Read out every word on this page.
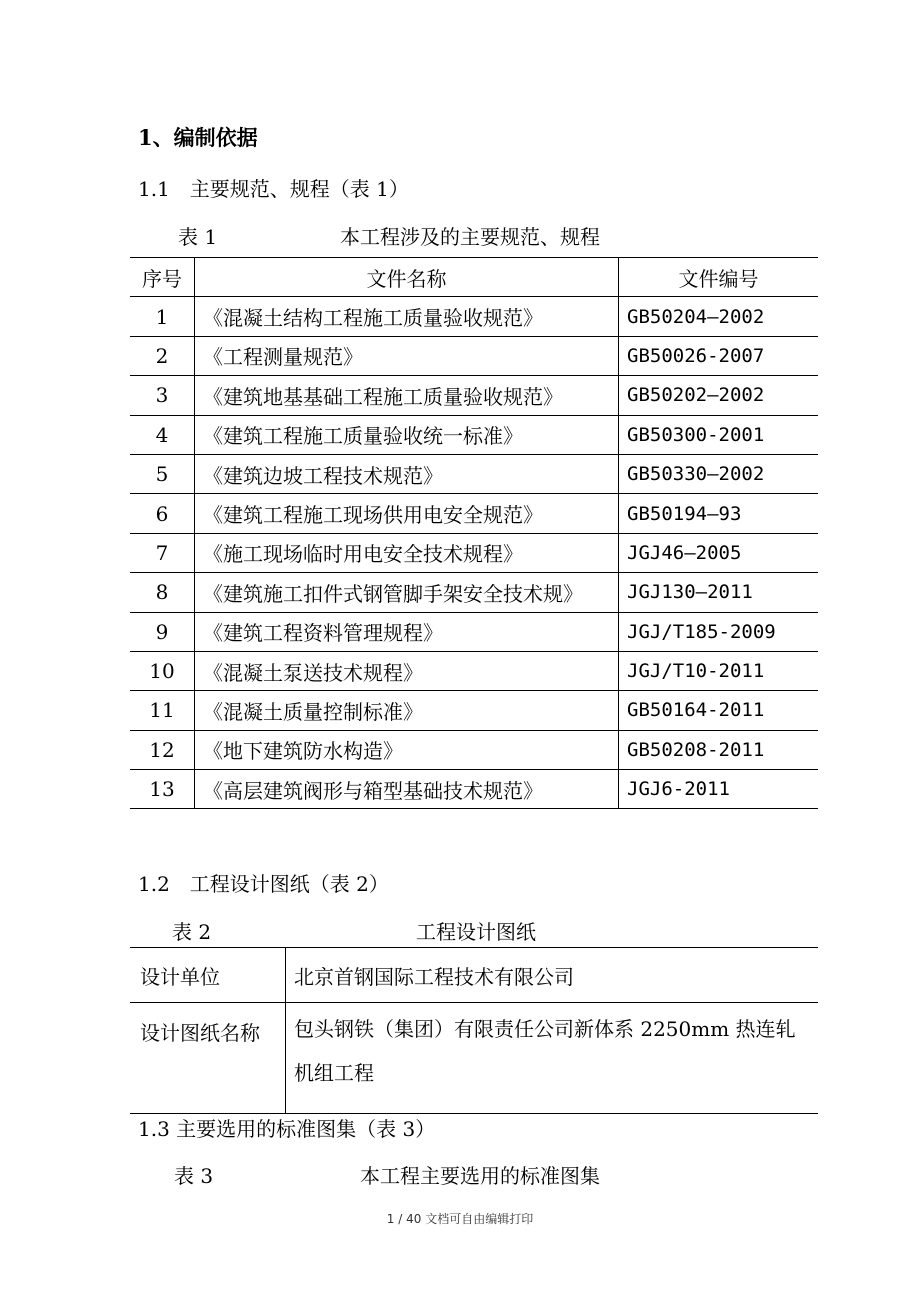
1、编制依据
1.1　主要规范、规程（表 1）
表 1	本工程涉及的主要规范、规程
序号	文件名称	文件编号
1	《混凝土结构工程施工质量验收规范》	GB50204—2002
2	《工程测量规范》	GB50026-2007
3	《建筑地基基础工程施工质量验收规范》	GB50202—2002
4	《建筑工程施工质量验收统一标准》	GB50300-2001
5	《建筑边坡工程技术规范》	GB50330—2002
6	《建筑工程施工现场供用电安全规范》	GB50194—93
7	《施工现场临时用电安全技术规程》	JGJ46—2005
8	《建筑施工扣件式钢管脚手架安全技术规》	JGJ130—2011
9	《建筑工程资料管理规程》	JGJ/T185-2009
10	《混凝土泵送技术规程》	JGJ/T10-2011
11	《混凝土质量控制标准》	GB50164-2011
12	《地下建筑防水构造》	GB50208-2011
13	《高层建筑阀形与箱型基础技术规范》	JGJ6-2011
1.2　工程设计图纸（表 2）
表 2	工程设计图纸
设计单位	北京首钢国际工程技术有限公司
设计图纸名称	包头钢铁（集团）有限责任公司新体系 2250mm 热连轧
机组工程
1.3 主要选用的标准图集（表 3）
表 3	本工程主要选用的标准图集
1 / 40 文档可自由编辑打印
